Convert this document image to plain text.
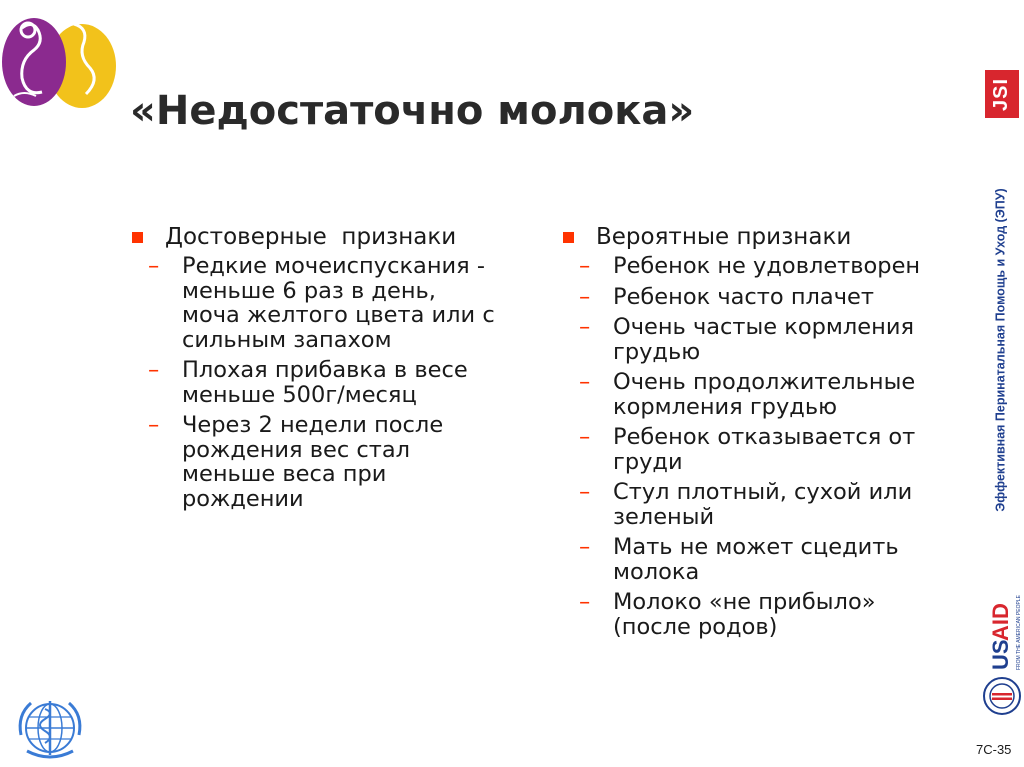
«Недостаточно молока»
Достоверные  признаки
–	Редкие мочеиспускания -
меньше 6 раз в день,
моча желтого цвета или с
сильным запахом
–	Плохая прибавка в весе
меньше 500г/месяц
–	Через 2 недели после
рождения вес стал
меньше веса при
рождении
Вероятные признаки
–	Ребенок не удовлетворен
–	Ребенок часто плачет
–	Очень частые кормления
грудью
–	Очень продолжительные
кормления грудью
–	Ребенок отказывается от
груди
–	Стул плотный, сухой или
зеленый
–	Мать не может сцедить
молока
–	Молоко «не прибыло»
(после родов)
JSI
Эффективная Перинатальная Помощь и Уход (ЭПУ)
US
AID FROM THE AMERICAN PEOPLE
7C-35
